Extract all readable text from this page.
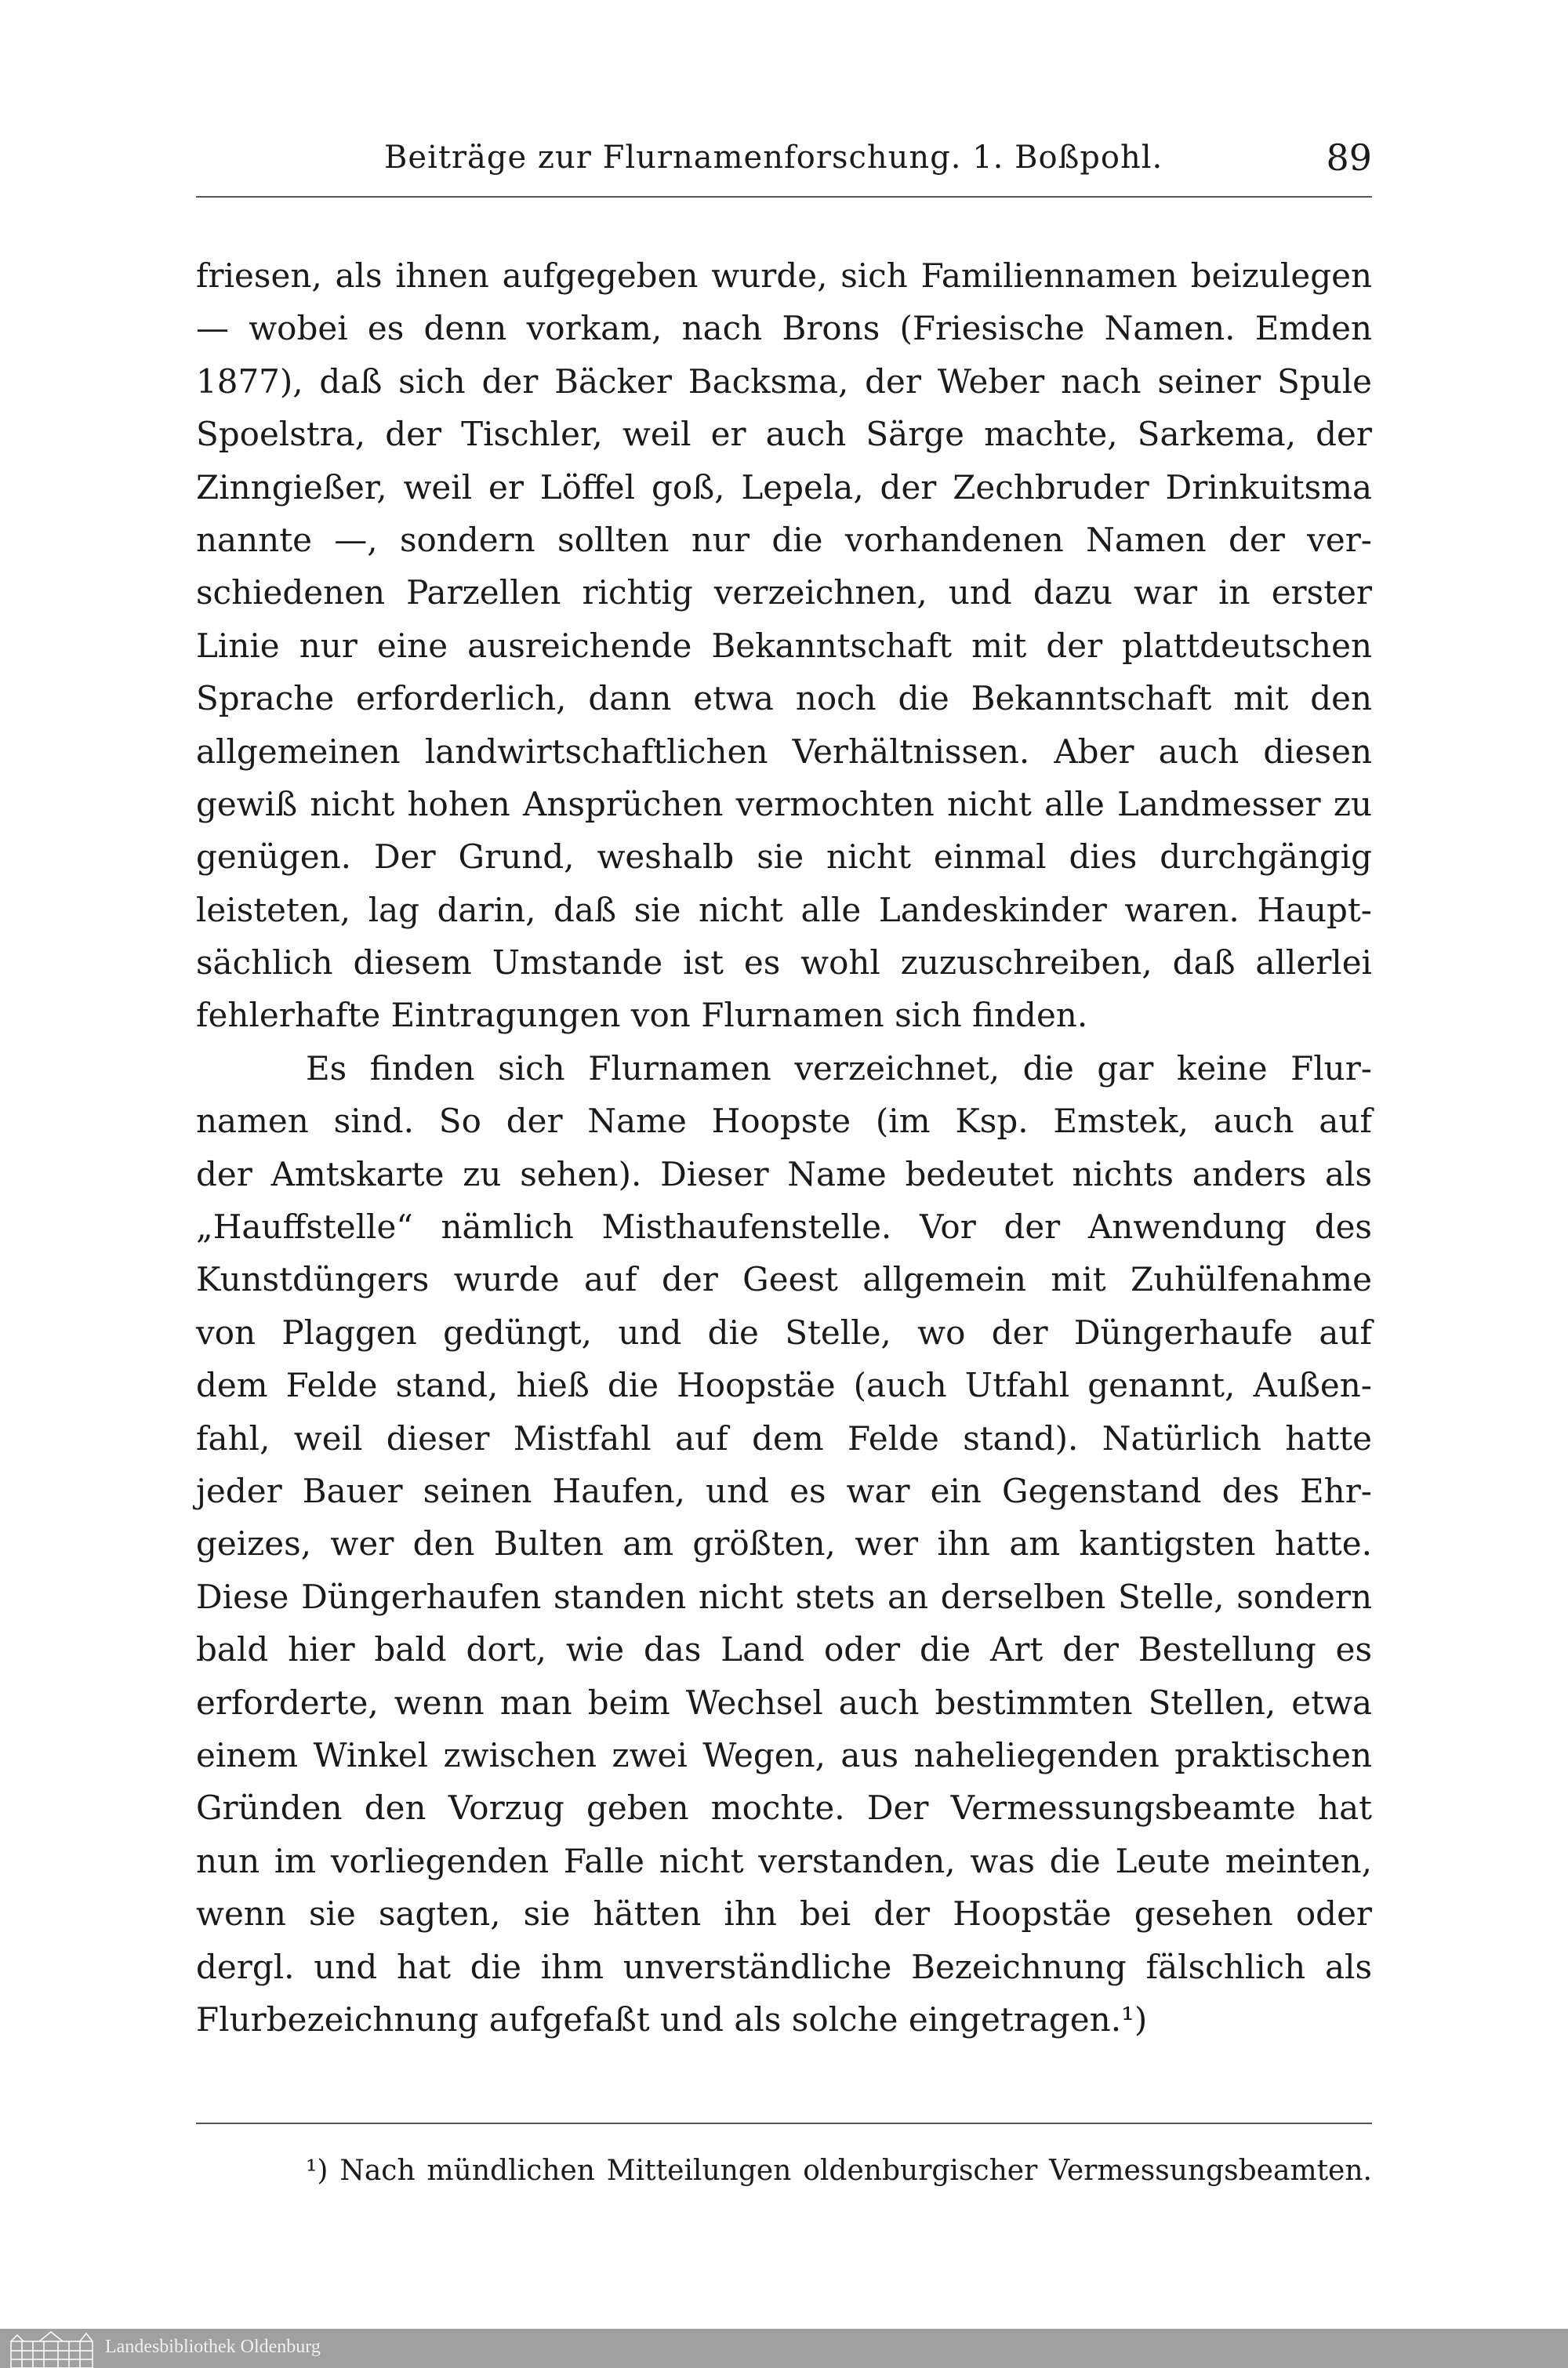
Beiträge zur Flurnamenforschung. 1. Boßpohl.	89
friesen, als ihnen aufgegeben wurde, sich Familiennamen beizulegen
— wobei es denn vorkam, nach Brons (Friesische Namen. Emden
1877), daß sich der Bäcker Backsma, der Weber nach seiner Spule
Spoelstra, der Tischler, weil er auch Särge machte, Sarkema, der
Zinngießer, weil er Löffel goß, Lepela, der Zechbruder Drinkuitsma
nannte —, sondern sollten nur die vorhandenen Namen der ver-
schiedenen Parzellen richtig verzeichnen, und dazu war in erster
Linie nur eine ausreichende Bekanntschaft mit der plattdeutschen
Sprache erforderlich, dann etwa noch die Bekanntschaft mit den
allgemeinen landwirtschaftlichen Verhältnissen. Aber auch diesen
gewiß nicht hohen Ansprüchen vermochten nicht alle Landmesser zu
genügen. Der Grund, weshalb sie nicht einmal dies durchgängig
leisteten, lag darin, daß sie nicht alle Landeskinder waren. Haupt-
sächlich diesem Umstande ist es wohl zuzuschreiben, daß allerlei
fehlerhafte Eintragungen von Flurnamen sich finden.
Es finden sich Flurnamen verzeichnet, die gar keine Flur-
namen sind. So der Name Hoopste (im Ksp. Emstek, auch auf
der Amtskarte zu sehen). Dieser Name bedeutet nichts anders als
„Hauffstelle“ nämlich Misthaufenstelle. Vor der Anwendung des
Kunstdüngers wurde auf der Geest allgemein mit Zuhülfenahme
von Plaggen gedüngt, und die Stelle, wo der Düngerhaufe auf
dem Felde stand, hieß die Hoopstäe (auch Utfahl genannt, Außen-
fahl, weil dieser Mistfahl auf dem Felde stand). Natürlich hatte
jeder Bauer seinen Haufen, und es war ein Gegenstand des Ehr-
geizes, wer den Bulten am größten, wer ihn am kantigsten hatte.
Diese Düngerhaufen standen nicht stets an derselben Stelle, sondern
bald hier bald dort, wie das Land oder die Art der Bestellung es
erforderte, wenn man beim Wechsel auch bestimmten Stellen, etwa
einem Winkel zwischen zwei Wegen, aus naheliegenden praktischen
Gründen den Vorzug geben mochte. Der Vermessungsbeamte hat
nun im vorliegenden Falle nicht verstanden, was die Leute meinten,
wenn sie sagten, sie hätten ihn bei der Hoopstäe gesehen oder
dergl. und hat die ihm unverständliche Bezeichnung fälschlich als
Flurbezeichnung aufgefaßt und als solche eingetragen.¹)
¹) Nach mündlichen Mitteilungen oldenburgischer Vermessungsbeamten.
Landesbibliothek Oldenburg
